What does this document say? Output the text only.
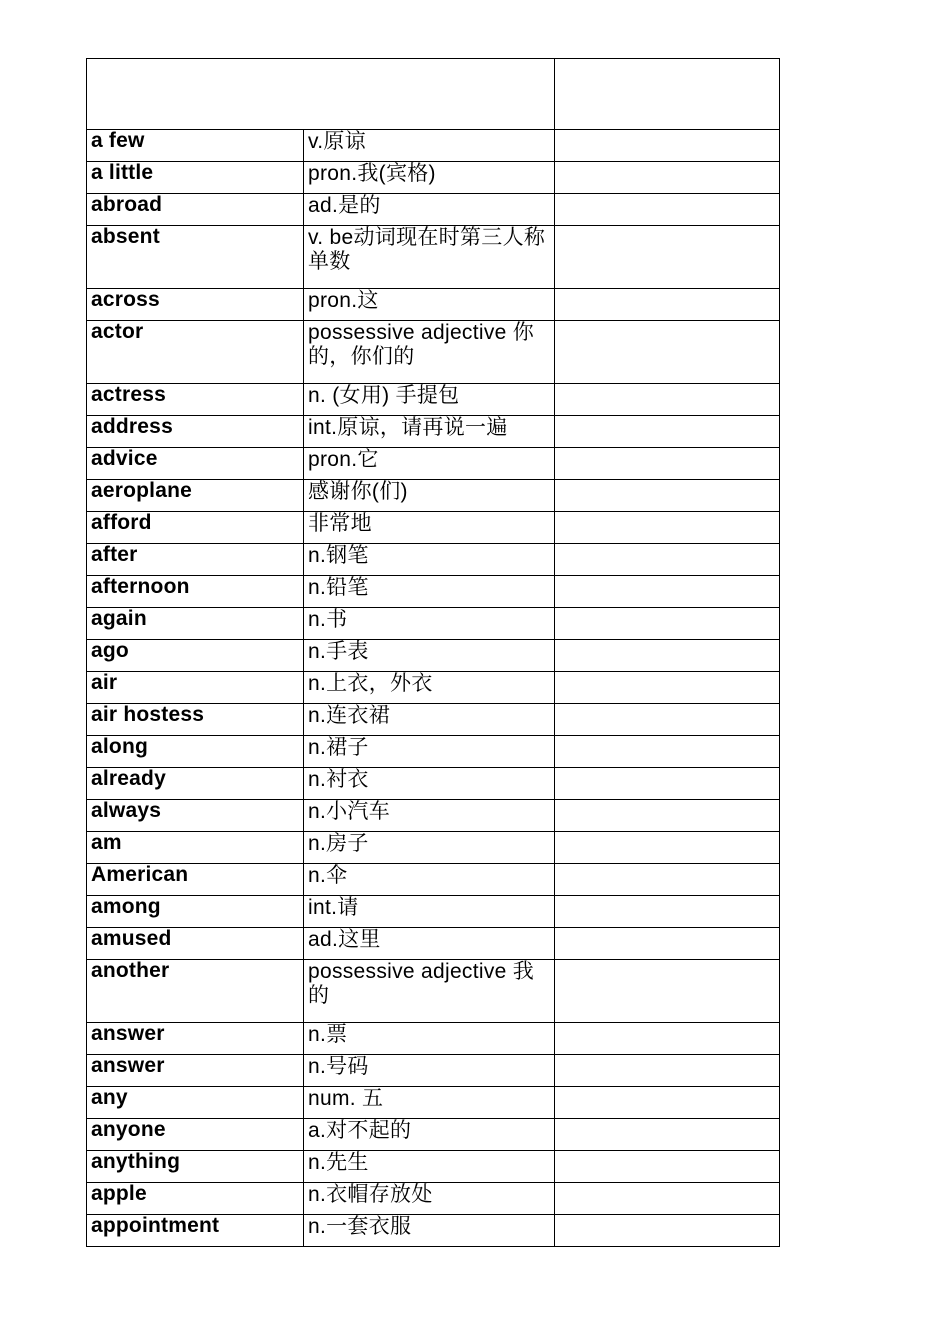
a few	v.原谅	
a little	pron.我(宾格)	
abroad	ad.是的	
absent	v. be动词现在时第三人称单数	
across	pron.这	
actor	possessive adjective 你的，你们的	
actress	n. (女用) 手提包	
address	int.原谅，请再说一遍	
advice	pron.它	
aeroplane	感谢你(们)	
afford	非常地	
after	n.钢笔	
afternoon	n.铅笔	
again	n.书	
ago	n.手表	
air	n.上衣，外衣	
air hostess	n.连衣裙	
along	n.裙子	
already	n.衬衣	
always	n.小汽车	
am	n.房子	
American	n.伞	
among	int.请	
amused	ad.这里	
another	possessive adjective 我的	
answer	n.票	
answer	n.号码	
any	num. 五	
anyone	a.对不起的	
anything	n.先生	
apple	n.衣帽存放处	
appointment	n.一套衣服	
